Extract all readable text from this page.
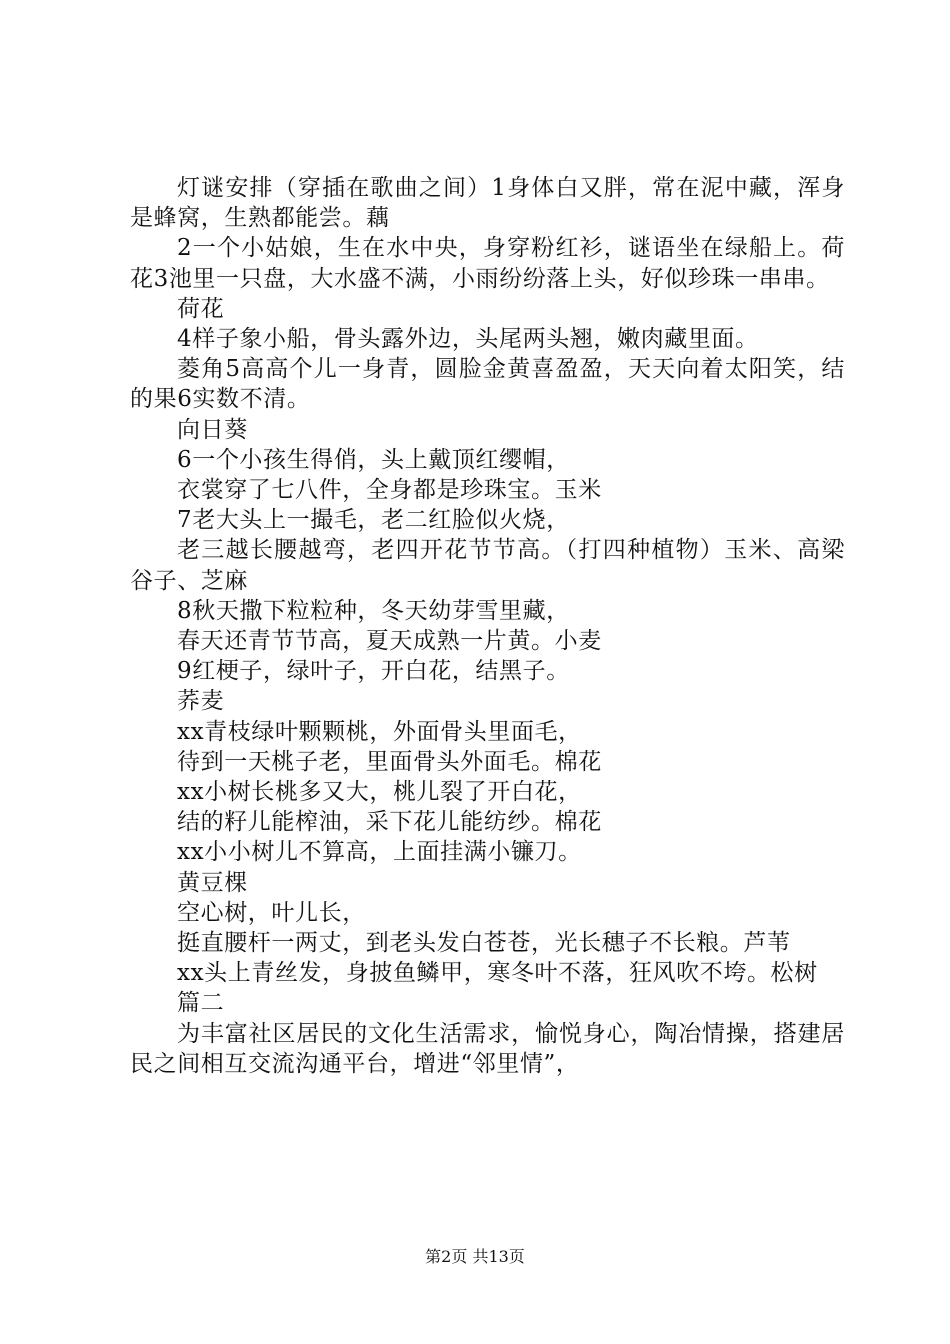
灯谜安排（穿插在歌曲之间）1身体白又胖，常在泥中藏，浑身是蜂窝，生熟都能尝。藕

2一个小姑娘，生在水中央，身穿粉红衫，谜语坐在绿船上。荷花3池里一只盘，大水盛不满，小雨纷纷落上头，好似珍珠一串串。

荷花

4样子象小船，骨头露外边，头尾两头翘，嫩肉藏里面。

菱角5高高个儿一身青，圆脸金黄喜盈盈，天天向着太阳笑，结的果6实数不清。

向日葵

6一个小孩生得俏，头上戴顶红缨帽，

衣裳穿了七八件，全身都是珍珠宝。玉米

7老大头上一撮毛，老二红脸似火烧，

老三越长腰越弯，老四开花节节高。（打四种植物）玉米、高梁谷子、芝麻

8秋天撒下粒粒种，冬天幼芽雪里藏，

春天还青节节高，夏天成熟一片黄。小麦

9红梗子，绿叶子，开白花，结黑子。

荞麦

xx青枝绿叶颗颗桃，外面骨头里面毛，

待到一天桃子老，里面骨头外面毛。棉花

xx小树长桃多又大，桃儿裂了开白花，

结的籽儿能榨油，采下花儿能纺纱。棉花

xx小小树儿不算高，上面挂满小镰刀。

黄豆棵

空心树，叶儿长，

挺直腰杆一两丈，到老头发白苍苍，光长穗子不长粮。芦苇

xx头上青丝发，身披鱼鳞甲，寒冬叶不落，狂风吹不垮。松树

篇二

为丰富社区居民的文化生活需求，愉悦身心，陶冶情操，搭建居民之间相互交流沟通平台，增进“邻里情”，

第2页 共13页
